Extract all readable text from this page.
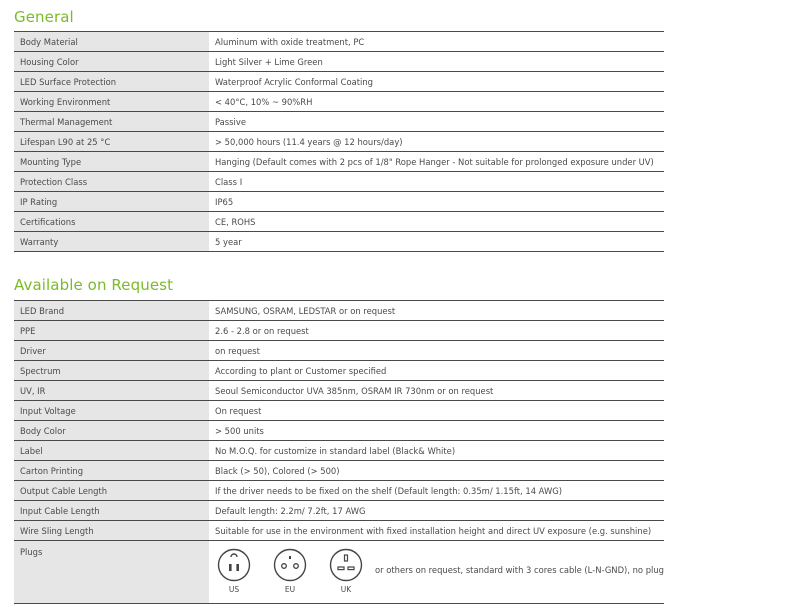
General
Body Material	Aluminum with oxide treatment, PC
Housing Color	Light Silver + Lime Green
LED Surface Protection	Waterproof Acrylic Conformal Coating
Working Environment	< 40°C, 10% ~ 90%RH
Thermal Management	Passive
Lifespan L90 at 25 °C	> 50,000 hours (11.4 years @ 12 hours/day)
Mounting Type	Hanging (Default comes with 2 pcs of 1/8" Rope Hanger - Not suitable for prolonged exposure under UV)
Protection Class	Class I
IP Rating	IP65
Certifications	CE, ROHS
Warranty	5 year
Available on Request
LED Brand	SAMSUNG, OSRAM, LEDSTAR or on request
PPE	2.6 - 2.8 or on request
Driver	on request
Spectrum	According to plant or Customer specified
UV, IR	Seoul Semiconductor UVA 385nm, OSRAM IR 730nm or on request
Input Voltage	On request
Body Color	> 500 units
Label	No M.O.Q. for customize in standard label (Black& White)
Carton Printing	Black (> 50), Colored (> 500)
Output Cable Length	If the driver needs to be fixed on the shelf (Default length: 0.35m/ 1.15ft, 14 AWG)
Input Cable Length	Default length: 2.2m/ 7.2ft, 17 AWG
Wire Sling Length	Suitable for use in the environment with fixed installation height and direct UV exposure (e.g. sunshine)
Plugs	US EU UK
or others on request, standard with 3 cores cable (L-N-GND), no plug
